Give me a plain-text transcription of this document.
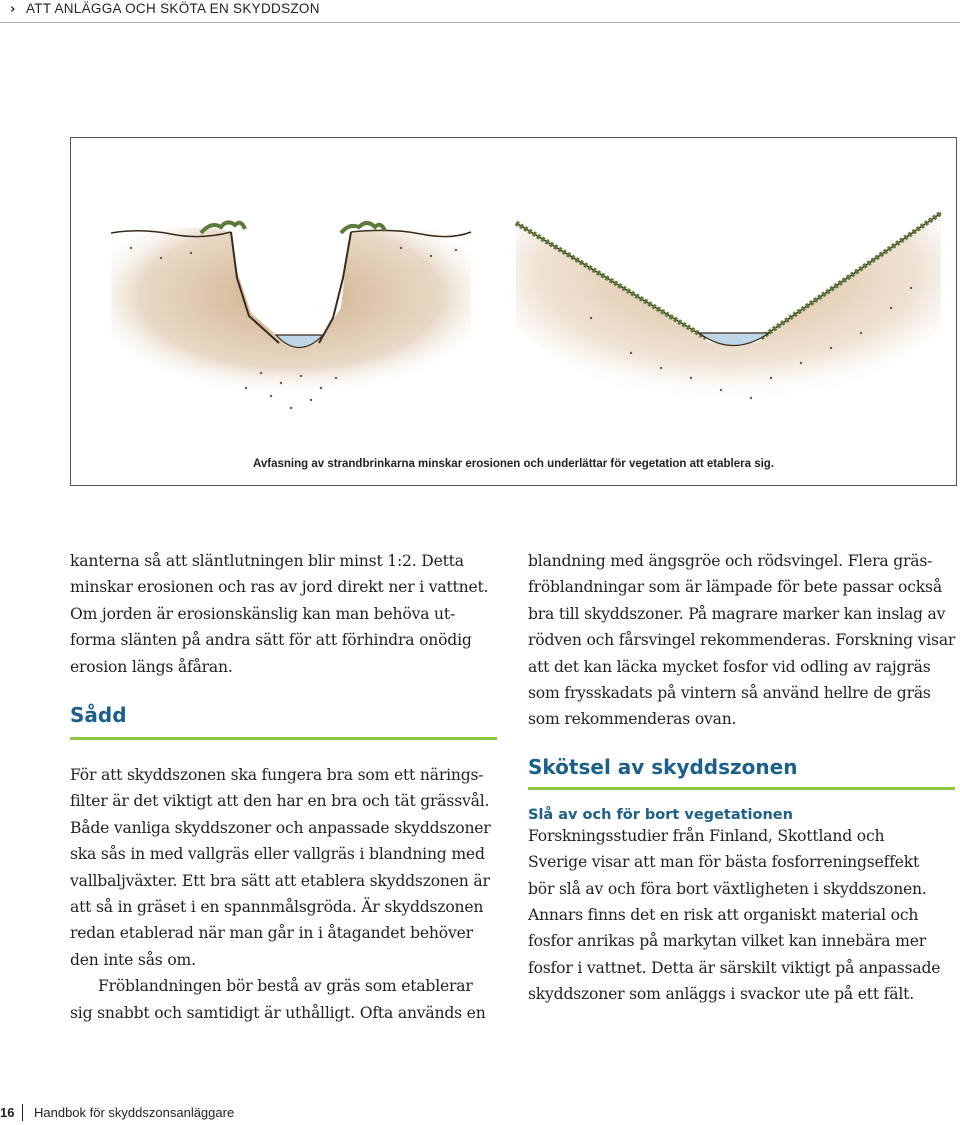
› ATT ANLÄGGA OCH SKÖTA EN SKYDDSZON
Avfasning av strandbrinkarna minskar erosionen och underlättar för vegetation att etablera sig.
kanterna så att släntlutningen blir minst 1:2. Detta
minskar erosionen och ras av jord direkt ner i vattnet.
Om jorden är erosionskänslig kan man behöva ut-
forma slänten på andra sätt för att förhindra onödig
erosion längs åfåran.
Sådd
För att skyddszonen ska fungera bra som ett närings-
filter är det viktigt att den har en bra och tät grässvål.
Både vanliga skyddszoner och anpassade skyddszoner
ska sås in med vallgräs eller vallgräs i blandning med
vallbaljväxter. Ett bra sätt att etablera skyddszonen är
att så in gräset i en spannmålsgröda. Är skyddszonen
redan etablerad när man går in i åtagandet behöver
den inte sås om.
Fröblandningen bör bestå av gräs som etablerar
sig snabbt och samtidigt är uthålligt. Ofta används en
blandning med ängsgröe och rödsvingel. Flera gräs-
fröblandningar som är lämpade för bete passar också
bra till skyddszoner. På magrare marker kan inslag av
rödven och fårsvingel rekommenderas. Forskning visar
att det kan läcka mycket fosfor vid odling av rajgräs
som frysskadats på vintern så använd hellre de gräs
som rekommenderas ovan.
Skötsel av skyddszonen
Slå av och för bort vegetationen
Forskningsstudier från Finland, Skottland och
Sverige visar att man för bästa fosforreningseffekt
bör slå av och föra bort växtligheten i skyddszonen.
Annars finns det en risk att organiskt material och
fosfor anrikas på markytan vilket kan innebära mer
fosfor i vattnet. Detta är särskilt viktigt på anpassade
skyddszoner som anläggs i svackor ute på ett fält.
16 Handbok för skyddszonsanläggare
